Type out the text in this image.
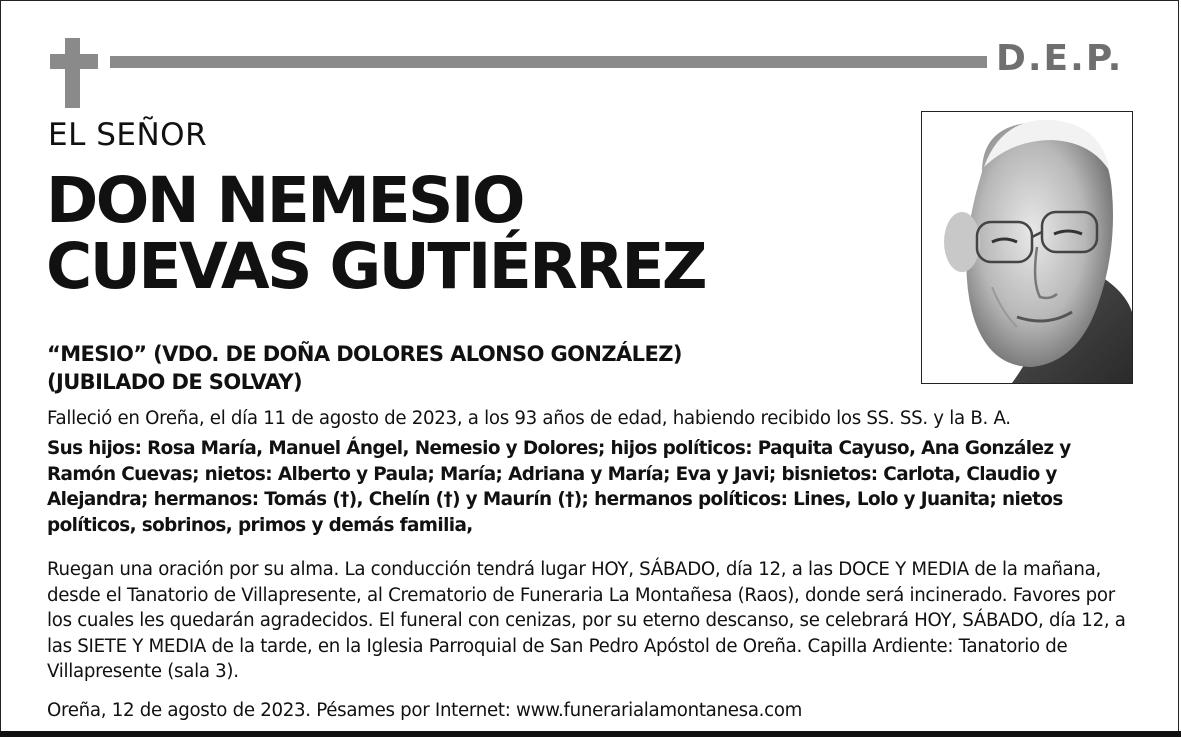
D.E.P.
EL SEÑOR
DON NEMESIO
CUEVAS GUTIÉRREZ
“MESIO” (VDO. DE DOÑA DOLORES ALONSO GONZÁLEZ)
(JUBILADO DE SOLVAY)
Falleció en Oreña, el día 11 de agosto de 2023, a los 93 años de edad, habiendo recibido los SS. SS. y la B. A.
Sus hijos: Rosa María, Manuel Ángel, Nemesio y Dolores; hijos políticos: Paquita Cayuso, Ana González y Ramón Cuevas; nietos: Alberto y Paula; María; Adriana y María; Eva y Javi; bisnietos: Carlota, Claudio y Alejandra; hermanos: Tomás (†), Chelín (†) y Maurín (†); hermanos políticos: Lines, Lolo y Juanita; nietos políticos, sobrinos, primos y demás familia,
Ruegan una oración por su alma. La conducción tendrá lugar HOY, SÁBADO, día 12, a las DOCE Y MEDIA de la mañana, desde el Tanatorio de Villapresente, al Crematorio de Funeraria La Montañesa (Raos), donde será incinerado. Favores por los cuales les quedarán agradecidos. El funeral con cenizas, por su eterno descanso, se celebrará HOY, SÁBADO, día 12, a las SIETE Y MEDIA de la tarde, en la Iglesia Parroquial de San Pedro Apóstol de Oreña. Capilla Ardiente: Tanatorio de Villapresente (sala 3).
Oreña, 12 de agosto de 2023. Pésames por Internet: www.funerarialamontanesa.com
